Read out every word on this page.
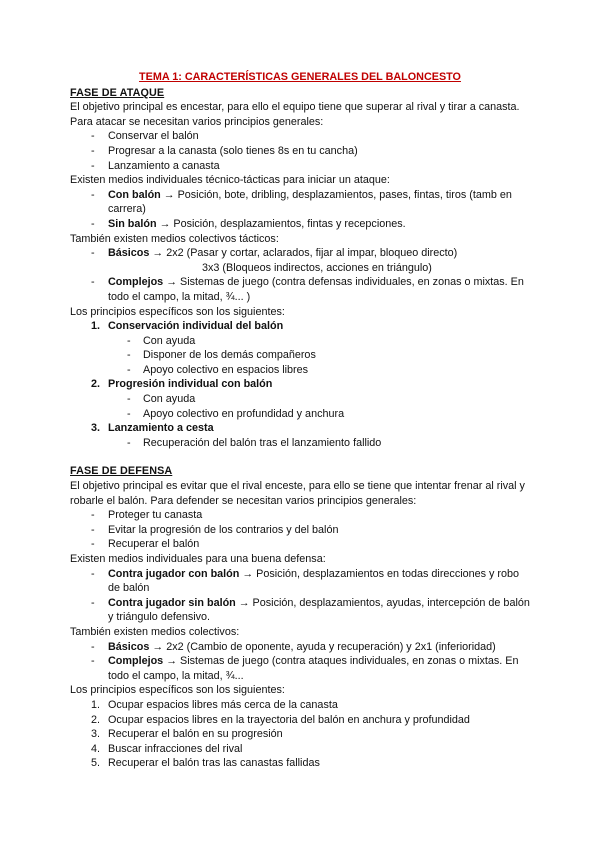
TEMA 1: CARACTERÍSTICAS GENERALES DEL BALONCESTO

FASE DE ATAQUE

El objetivo principal es encestar, para ello el equipo tiene que superar al rival y tirar a canasta. Para atacar se necesitan varios principios generales:

- Conservar el balón
- Progresar a la canasta (solo tienes 8s en tu cancha)
- Lanzamiento a canasta

Existen medios individuales técnico-tácticas para iniciar un ataque:

- Con balón → Posición, bote, dribling, desplazamientos, pases, fintas, tiros (tamb en carrera)
- Sin balón → Posición, desplazamientos, fintas y recepciones.

También existen medios colectivos tácticos:

- Básicos → 2x2 (Pasar y cortar, aclarados, fijar al impar, bloqueo directo)
3x3 (Bloqueos indirectos, acciones en triángulo)
- Complejos → Sistemas de juego (contra defensas individuales, en zonas o mixtas. En todo el campo, la mitad, ¾... )

Los principios específicos son los siguientes:

1. Conservación individual del balón
- Con ayuda
- Disponer de los demás compañeros
- Apoyo colectivo en espacios libres
2. Progresión individual con balón
- Con ayuda
- Apoyo colectivo en profundidad y anchura
3. Lanzamiento a cesta
- Recuperación del balón tras el lanzamiento fallido

FASE DE DEFENSA

El objetivo principal es evitar que el rival enceste, para ello se tiene que intentar frenar al rival y robarle el balón. Para defender se necesitan varios principios generales:

- Proteger tu canasta
- Evitar la progresión de los contrarios y del balón
- Recuperar el balón

Existen medios individuales para una buena defensa:

- Contra jugador con balón → Posición, desplazamientos en todas direcciones y robo de balón
- Contra jugador sin balón → Posición, desplazamientos, ayudas, intercepción de balón y triángulo defensivo.

También existen medios colectivos:

- Básicos → 2x2 (Cambio de oponente, ayuda y recuperación) y 2x1 (inferioridad)
- Complejos → Sistemas de juego (contra ataques individuales, en zonas o mixtas. En todo el campo, la mitad, ¾...

Los principios específicos son los siguientes:

1. Ocupar espacios libres más cerca de la canasta
2. Ocupar espacios libres en la trayectoria del balón en anchura y profundidad
3. Recuperar el balón en su progresión
4. Buscar infracciones del rival
5. Recuperar el balón tras las canastas fallidas
